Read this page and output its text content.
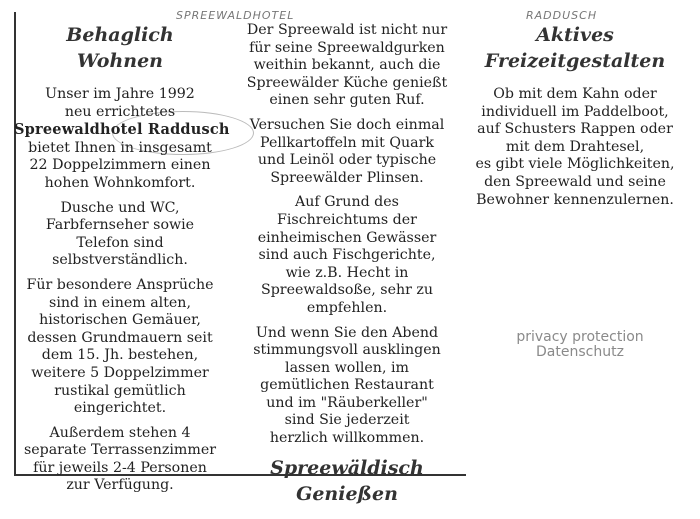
SPREEWALDHOTEL	RADDUSCH
Behaglich
Wohnen

Unser im Jahre 1992
neu errichtetes
Spreewaldhotel Raddusch
bietet Ihnen in insgesamt
22 Doppelzimmern einen
hohen Wohnkomfort.

Dusche und WC,
Farbfernseher sowie
Telefon sind
selbstverständlich.

Für besondere Ansprüche
sind in einem alten,
historischen Gemäuer,
dessen Grundmauern seit
dem 15. Jh. bestehen,
weitere 5 Doppelzimmer
rustikal gemütlich
eingerichtet.

Außerdem stehen 4
separate Terrassenzimmer
für jeweils 2-4 Personen
zur Verfügung.

Der Spreewald ist nicht nur
für seine Spreewaldgurken
weithin bekannt, auch die
Spreewälder Küche genießt
einen sehr guten Ruf.

Versuchen Sie doch einmal
Pellkartoffeln mit Quark
und Leinöl oder typische
Spreewälder Plinsen.

Auf Grund des
Fischreichtums der
einheimischen Gewässer
sind auch Fischgerichte,
wie z.B. Hecht in
Spreewaldsoße, sehr zu
empfehlen.

Und wenn Sie den Abend
stimmungsvoll ausklingen
lassen wollen, im
gemütlichen Restaurant
und im "Räuberkeller"
sind Sie jederzeit
herzlich willkommen.

Spreewäldisch
Genießen
Aktives
Freizeitgestalten

Ob mit dem Kahn oder
individuell im Paddelboot,
auf Schusters Rappen oder
mit dem Drahtesel,
es gibt viele Möglichkeiten,
den Spreewald und seine
Bewohner kennenzulernen.

privacy protection
Datenschutz
